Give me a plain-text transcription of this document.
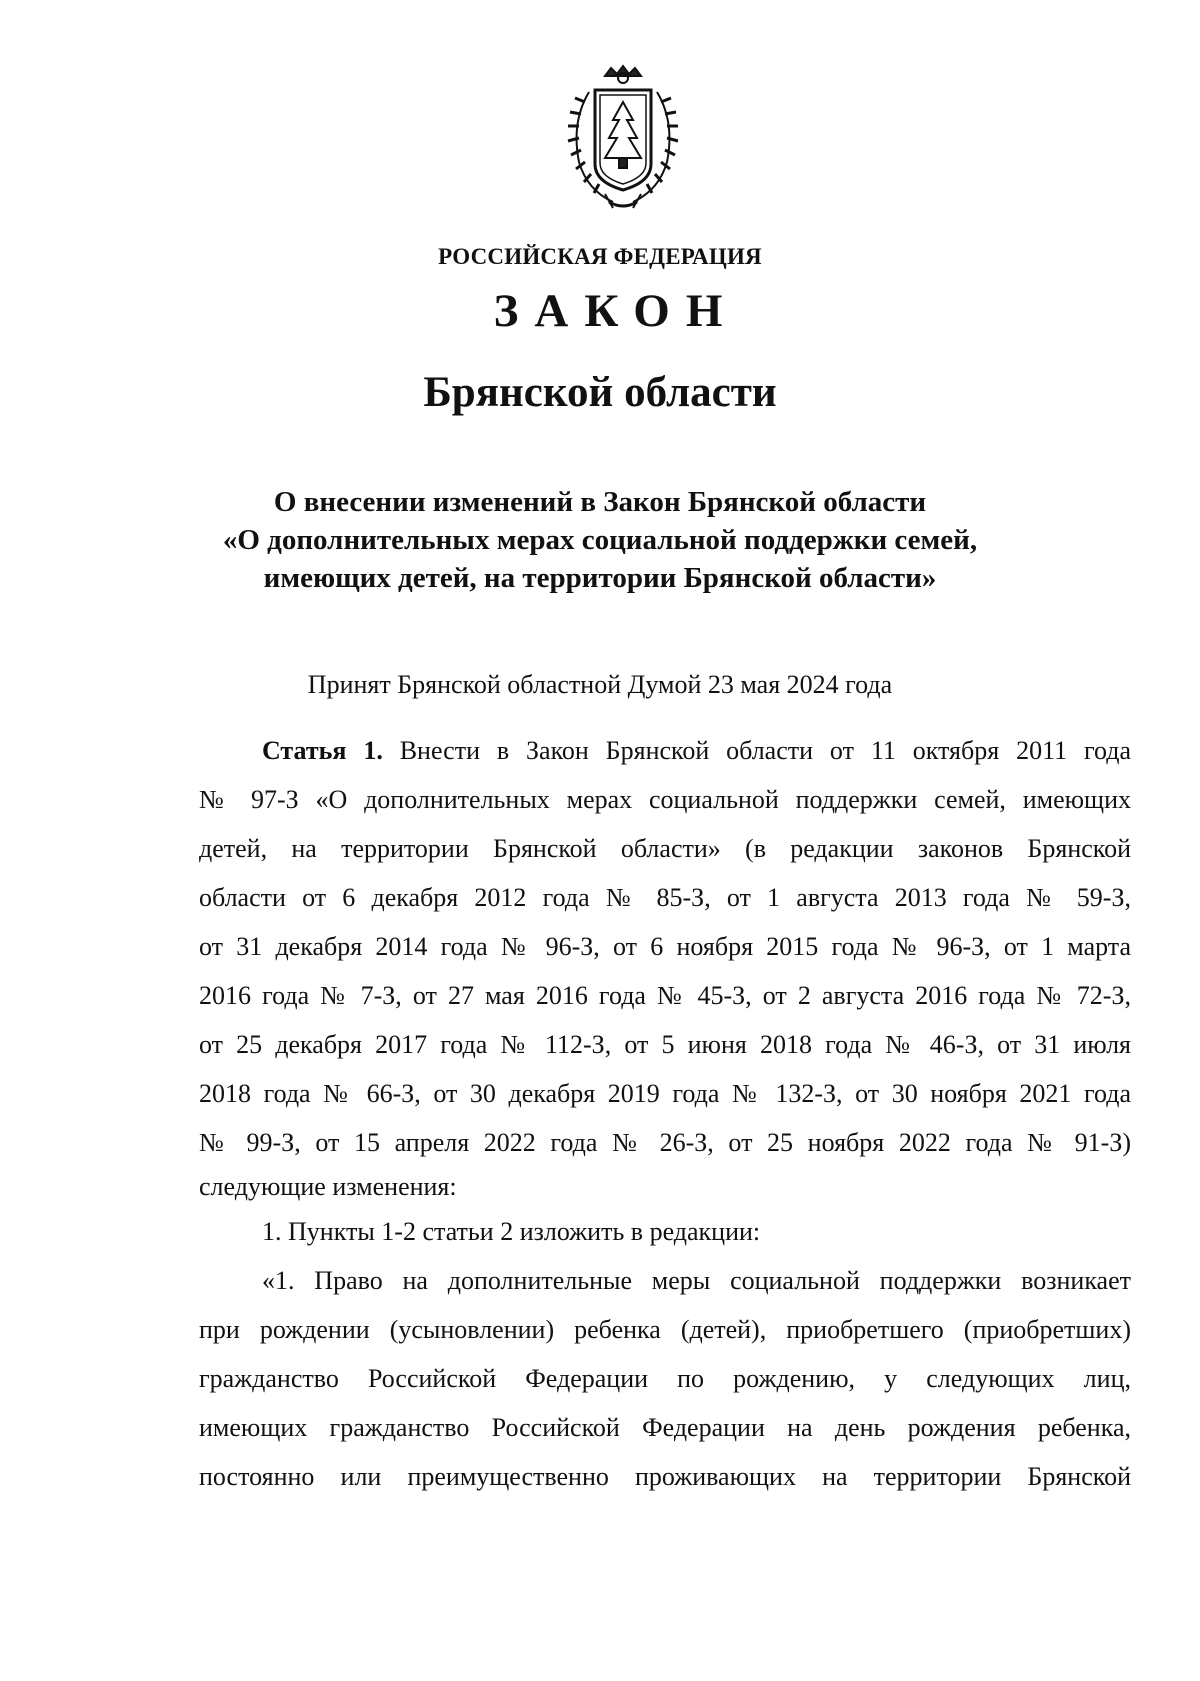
РОССИЙСКАЯ ФЕДЕРАЦИЯ
ЗАКОН
Брянской области
О внесении изменений в Закон Брянской области
«О дополнительных мерах социальной поддержки семей,
имеющих детей, на территории Брянской области»
Принят Брянской областной Думой 23 мая 2024 года
Статья 1. Внести в Закон Брянской области от 11 октября 2011 года
№ 97-З «О дополнительных мерах социальной поддержки семей, имеющих
детей, на территории Брянской области» (в редакции законов Брянской
области от 6 декабря 2012 года № 85-З, от 1 августа 2013 года № 59-З,
от 31 декабря 2014 года № 96-З, от 6 ноября 2015 года № 96-З, от 1 марта
2016 года № 7-З, от 27 мая 2016 года № 45-З, от 2 августа 2016 года № 72-З,
от 25 декабря 2017 года № 112-З, от 5 июня 2018 года № 46-З, от 31 июля
2018 года № 66-З, от 30 декабря 2019 года № 132-З, от 30 ноября 2021 года
№ 99-З, от 15 апреля 2022 года № 26-З, от 25 ноября 2022 года № 91-З)
следующие изменения:
1. Пункты 1-2 статьи 2 изложить в редакции:
«1. Право на дополнительные меры социальной поддержки возникает
при рождении (усыновлении) ребенка (детей), приобретшего (приобретших)
гражданство Российской Федерации по рождению, у следующих лиц,
имеющих гражданство Российской Федерации на день рождения ребенка,
постоянно или преимущественно проживающих на территории Брянской
